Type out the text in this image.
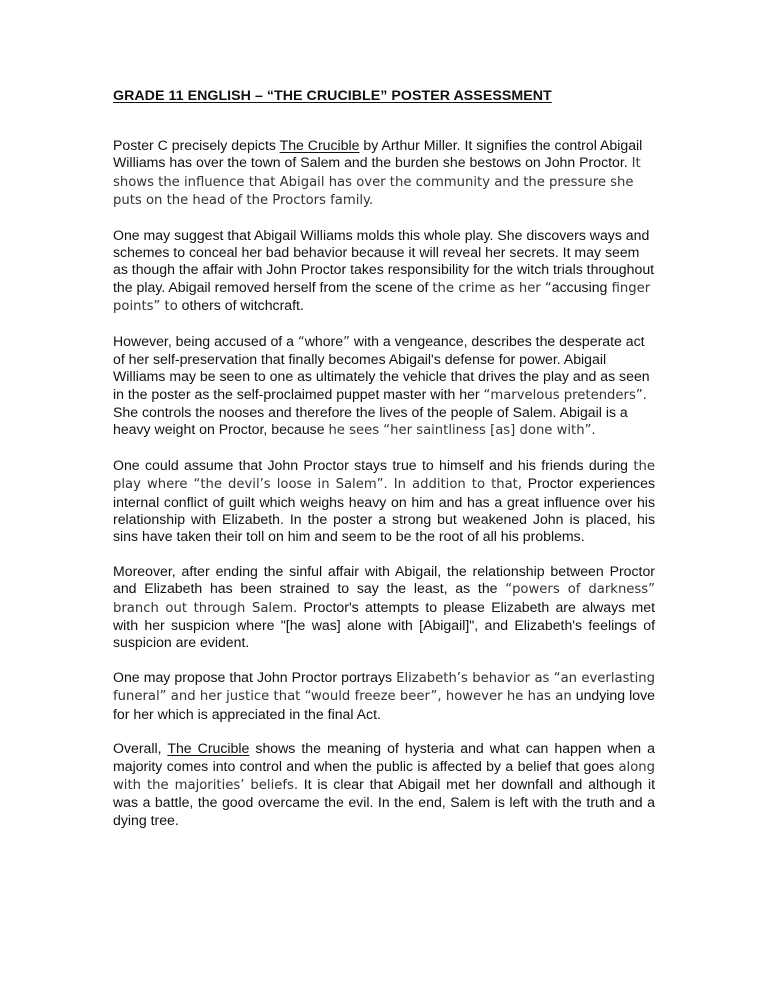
GRADE 11 ENGLISH – “THE CRUCIBLE” POSTER ASSESSMENT

Poster C precisely depicts The Crucible by Arthur Miller. It signifies the control Abigail Williams has over the town of Salem and the burden she bestows on John Proctor. It shows the influence that Abigail has over the community and the pressure she puts on the head of the Proctors family.

One may suggest that Abigail Williams molds this whole play. She discovers ways and schemes to conceal her bad behavior because it will reveal her secrets. It may seem as though the affair with John Proctor takes responsibility for the witch trials throughout the play. Abigail removed herself from the scene of the crime as her “accusing finger points” to others of witchcraft.

However, being accused of a “whore” with a vengeance, describes the desperate act of her self-preservation that finally becomes Abigail's defense for power. Abigail Williams may be seen to one as ultimately the vehicle that drives the play and as seen in the poster as the self-proclaimed puppet master with her “marvelous pretenders”. She controls the nooses and therefore the lives of the people of Salem. Abigail is a heavy weight on Proctor, because he sees “her saintliness [as] done with”.

One could assume that John Proctor stays true to himself and his friends during the play where “the devil’s loose in Salem”. In addition to that, Proctor experiences internal conflict of guilt which weighs heavy on him and has a great influence over his relationship with Elizabeth. In the poster a strong but weakened John is placed, his sins have taken their toll on him and seem to be the root of all his problems.

Moreover, after ending the sinful affair with Abigail, the relationship between Proctor and Elizabeth has been strained to say the least, as the “powers of darkness” branch out through Salem. Proctor's attempts to please Elizabeth are always met with her suspicion where "[he was] alone with [Abigail]", and Elizabeth's feelings of suspicion are evident.

One may propose that John Proctor portrays Elizabeth’s behavior as “an everlasting funeral” and her justice that “would freeze beer”, however he has an undying love for her which is appreciated in the final Act.

Overall, The Crucible shows the meaning of hysteria and what can happen when a majority comes into control and when the public is affected by a belief that goes along with the majorities’ beliefs. It is clear that Abigail met her downfall and although it was a battle, the good overcame the evil. In the end, Salem is left with the truth and a dying tree.
